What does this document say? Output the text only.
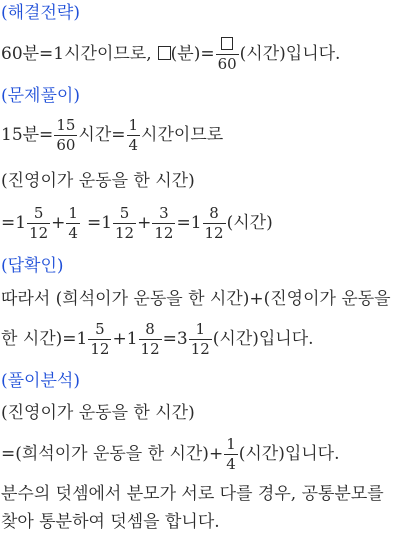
(해결전략)
60분=1시간이므로, (분)= 60 (시간)입니다.
(문제풀이)
15분= $\frac{15}{60}$ 시간= $\frac{1}{4}$ 시간이므로
(진영이가 운동을 한 시간)
$=1 \frac{5}{12} + \frac{1}{4} =1 \frac{5}{12} + \frac{3}{12} =1 \frac{8}{12}$ (시간)
(답확인)
따라서 (희석이가 운동을 한 시간)+(진영이가 운동을
한 시간)$=1 \frac{5}{12} +1 \frac{8}{12} =3 \frac{1}{12}$ (시간)입니다.
(풀이분석)
(진영이가 운동을 한 시간)
=(희석이가 운동을 한 시간)+ $\frac{1}{4}$ (시간)입니다.
분수의 덧셈에서 분모가 서로 다를 경우, 공통분모를
찾아 통분하여 덧셈을 합니다.
